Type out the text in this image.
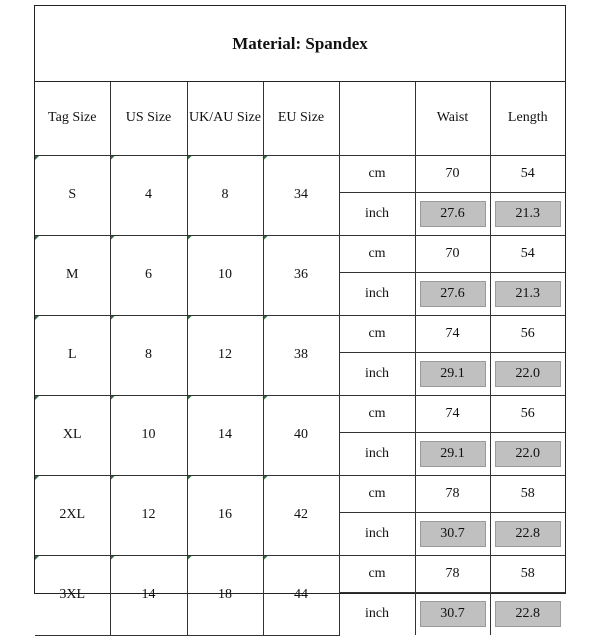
Material: Spandex
Tag Size	US Size	UK/AU Size	EU Size		Waist	Length
S	4	8	34	cm	70	54
				inch	27.6	21.3

M	6	10	36	cm	70	54
				inch	27.6	21.3

L	8	12	38	cm	74	56
				inch	29.1	22.0

XL	10	14	40	cm	74	56
				inch	29.1	22.0

2XL	12	16	42	cm	78	58
				inch	30.7	22.8

3XL	14	18	44	cm	78	58
				inch	30.7	22.8
